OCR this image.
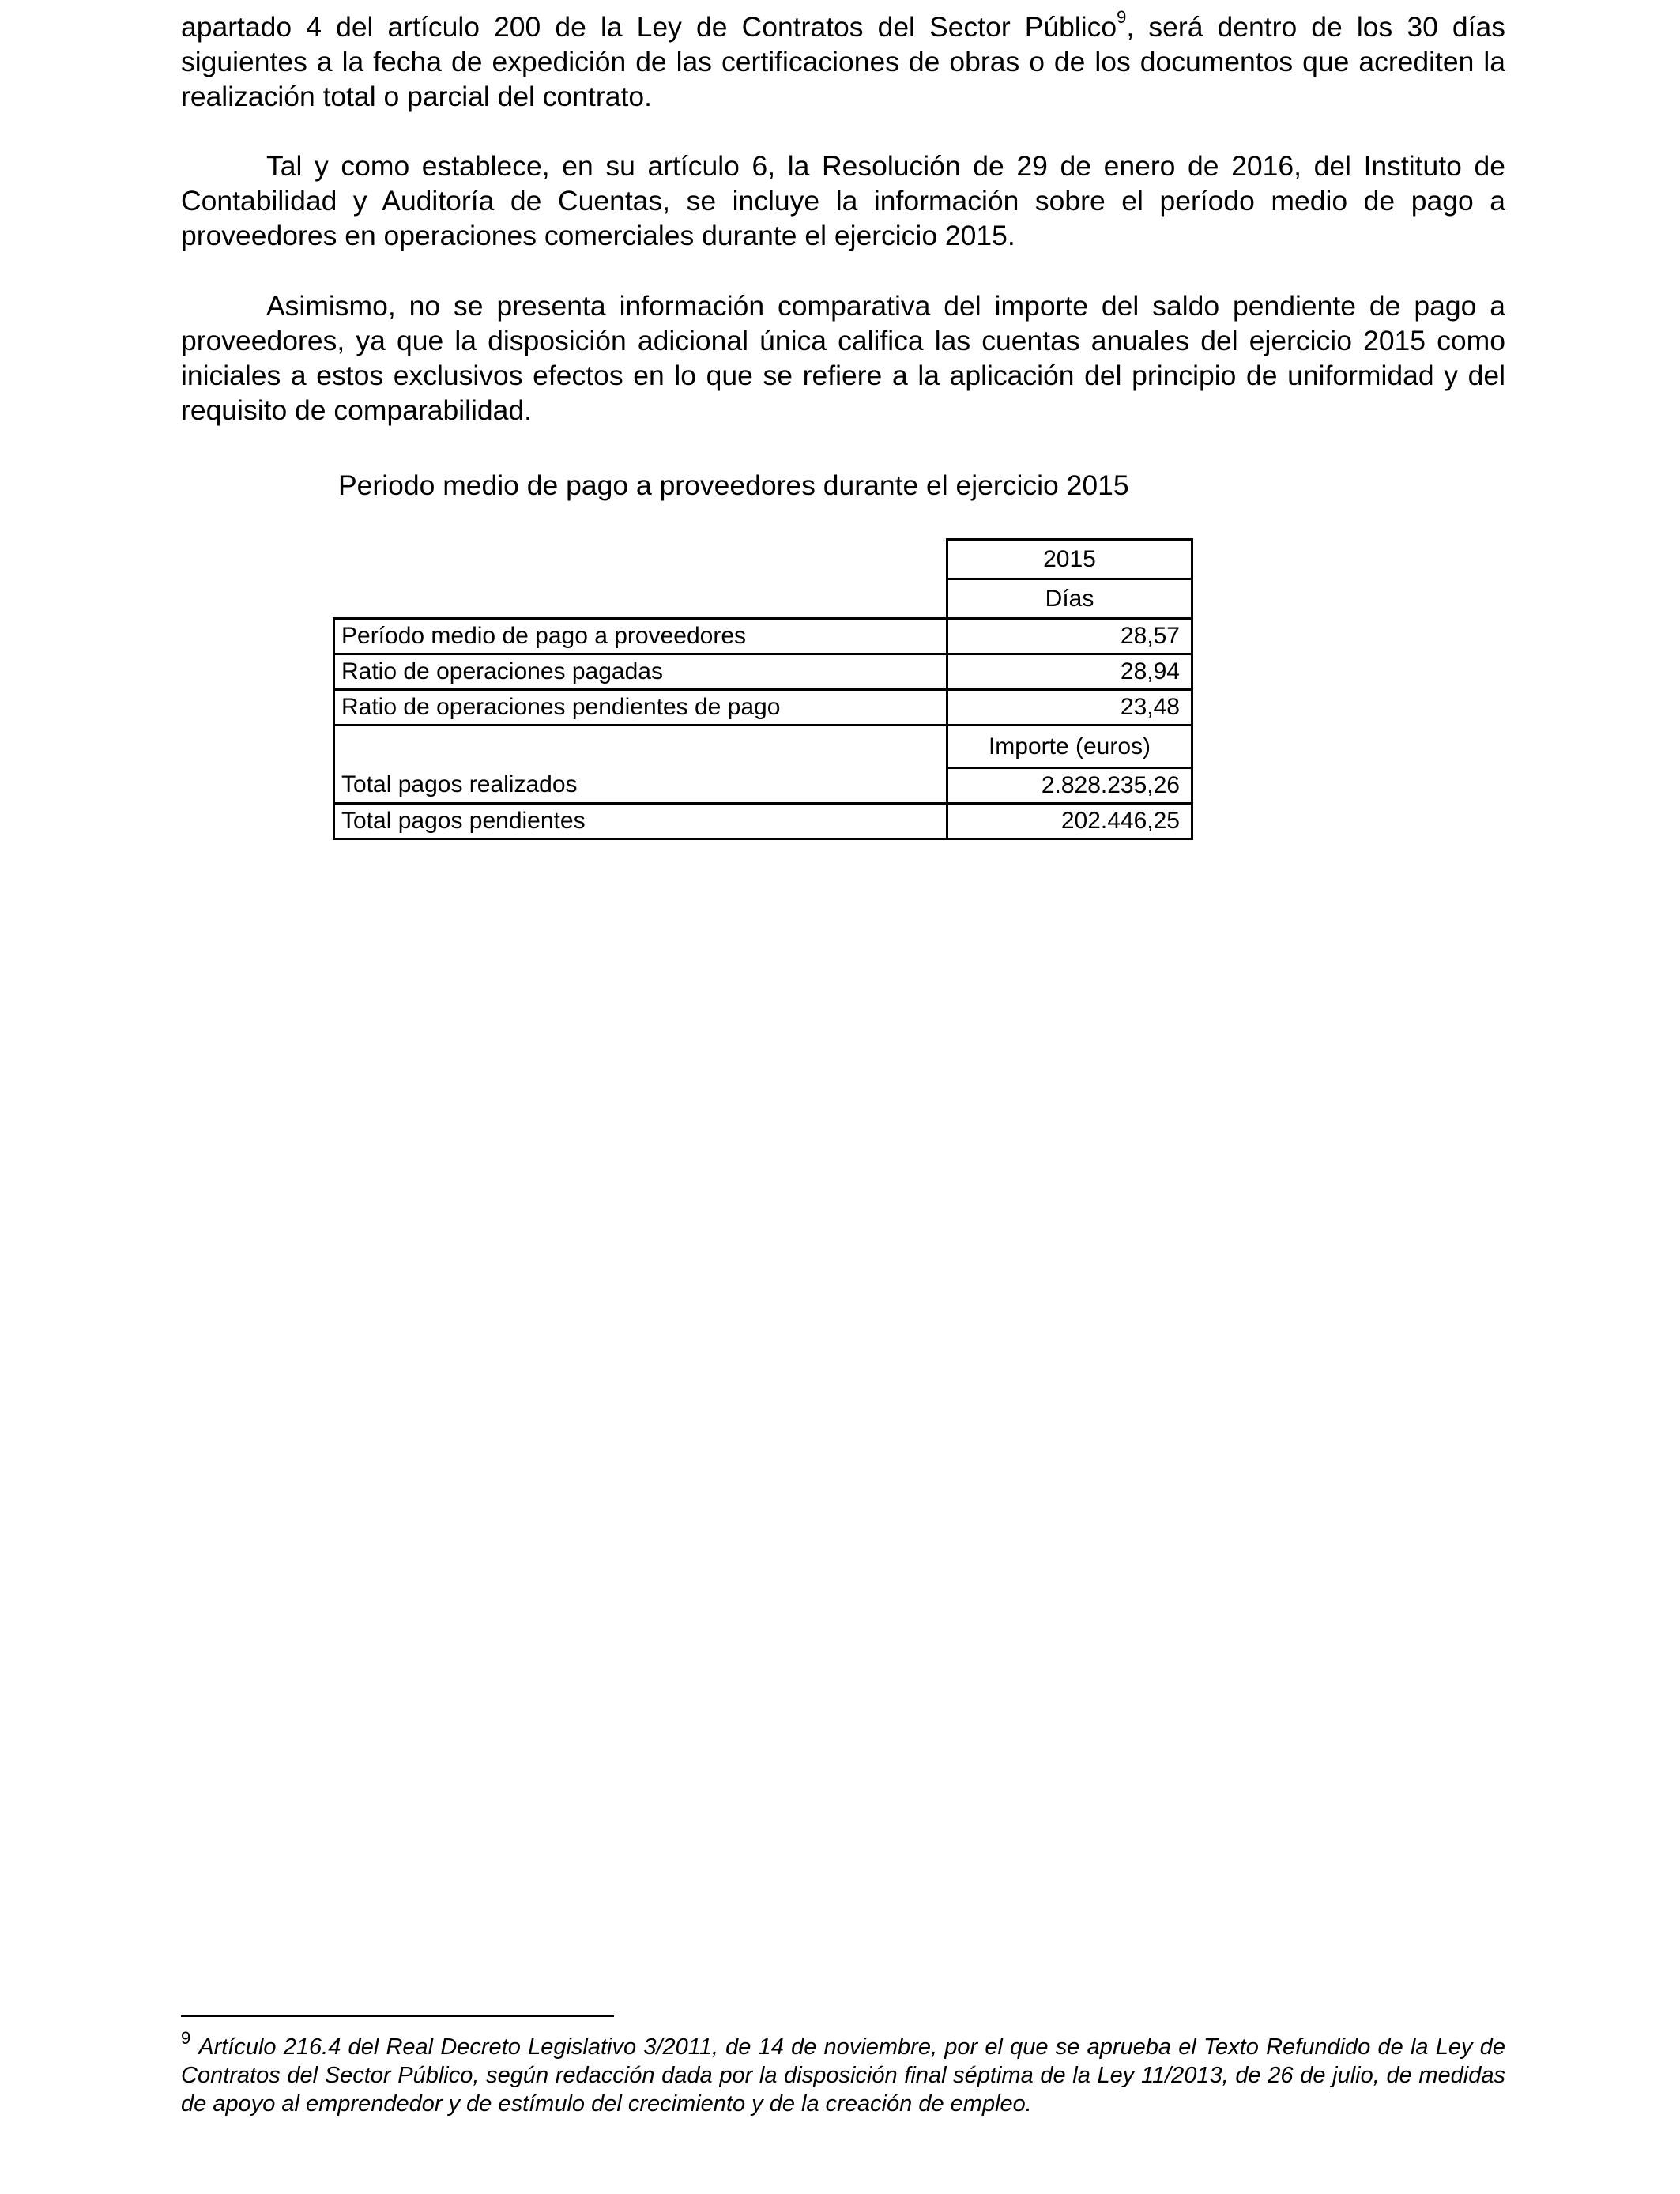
apartado 4 del artículo 200 de la Ley de Contratos del Sector Público$^9$, será dentro de los 30 días siguientes a la fecha de expedición de las certificaciones de obras o de los documentos que acrediten la realización total o parcial del contrato.

Tal y como establece, en su artículo 6, la Resolución de 29 de enero de 2016, del Instituto de Contabilidad y Auditoría de Cuentas, se incluye la información sobre el período medio de pago a proveedores en operaciones comerciales durante el ejercicio 2015.

Asimismo, no se presenta información comparativa del importe del saldo pendiente de pago a proveedores, ya que la disposición adicional única califica las cuentas anuales del ejercicio 2015 como iniciales a estos exclusivos efectos en lo que se refiere a la aplicación del principio de uniformidad y del requisito de comparabilidad.

Periodo medio de pago a proveedores durante el ejercicio 2015

	2015
	Días
Período medio de pago a proveedores	28,57
Ratio de operaciones pagadas	28,94
Ratio de operaciones pendientes de pago	23,48
	Importe (euros)
Total pagos realizados	2.828.235,26
Total pagos pendientes	202.446,25

$^9$ Artículo 216.4 del Real Decreto Legislativo 3/2011, de 14 de noviembre, por el que se aprueba el Texto Refundido de la Ley de Contratos del Sector Público, según redacción dada por la disposición final séptima de la Ley 11/2013, de 26 de julio, de medidas de apoyo al emprendedor y de estímulo del crecimiento y de la creación de empleo.
